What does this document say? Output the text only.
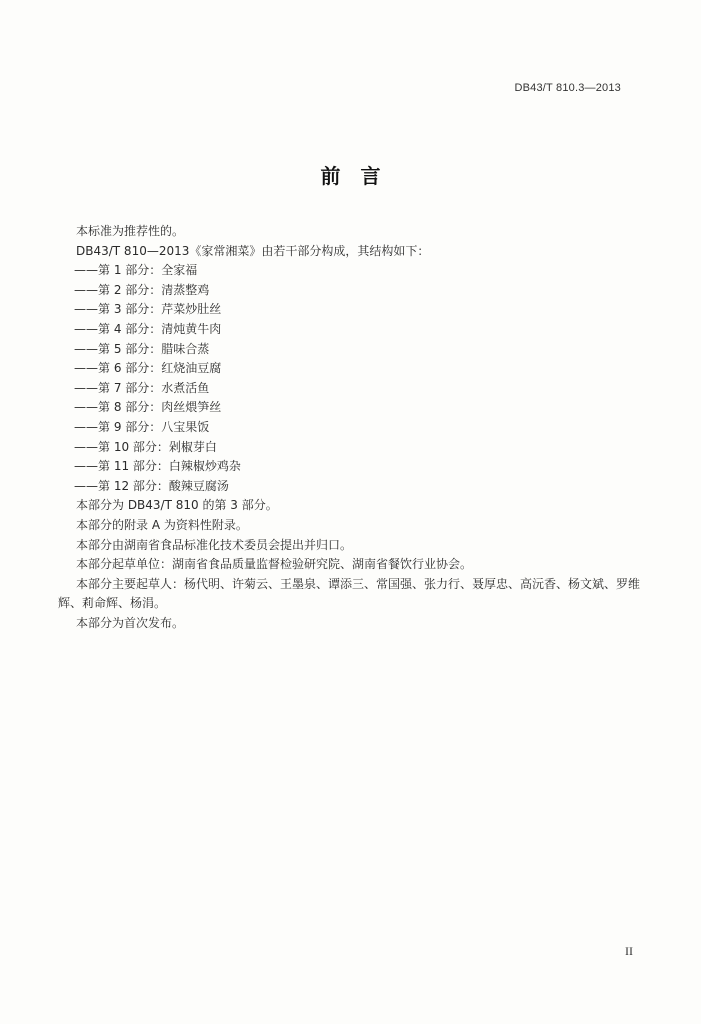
DB43/T 810.3—2013
前　言
本标准为推荐性的。
DB43/T 810—2013《家常湘菜》由若干部分构成，其结构如下：
——第 1 部分：全家福
——第 2 部分：清蒸整鸡
——第 3 部分：芹菜炒肚丝
——第 4 部分：清炖黄牛肉
——第 5 部分：腊味合蒸
——第 6 部分：红烧油豆腐
——第 7 部分：水煮活鱼
——第 8 部分：肉丝煨笋丝
——第 9 部分：八宝果饭
——第 10 部分：剁椒芽白
——第 11 部分：白辣椒炒鸡杂
——第 12 部分：酸辣豆腐汤
本部分为 DB43/T 810 的第 3 部分。
本部分的附录 A 为资料性附录。
本部分由湖南省食品标准化技术委员会提出并归口。
本部分起草单位：湖南省食品质量监督检验研究院、湖南省餐饮行业协会。
本部分主要起草人：杨代明、许菊云、王墨泉、谭添三、常国强、张力行、聂厚忠、高沅香、杨文斌、罗维辉、莉命辉、杨涓。
本部分为首次发布。
II
